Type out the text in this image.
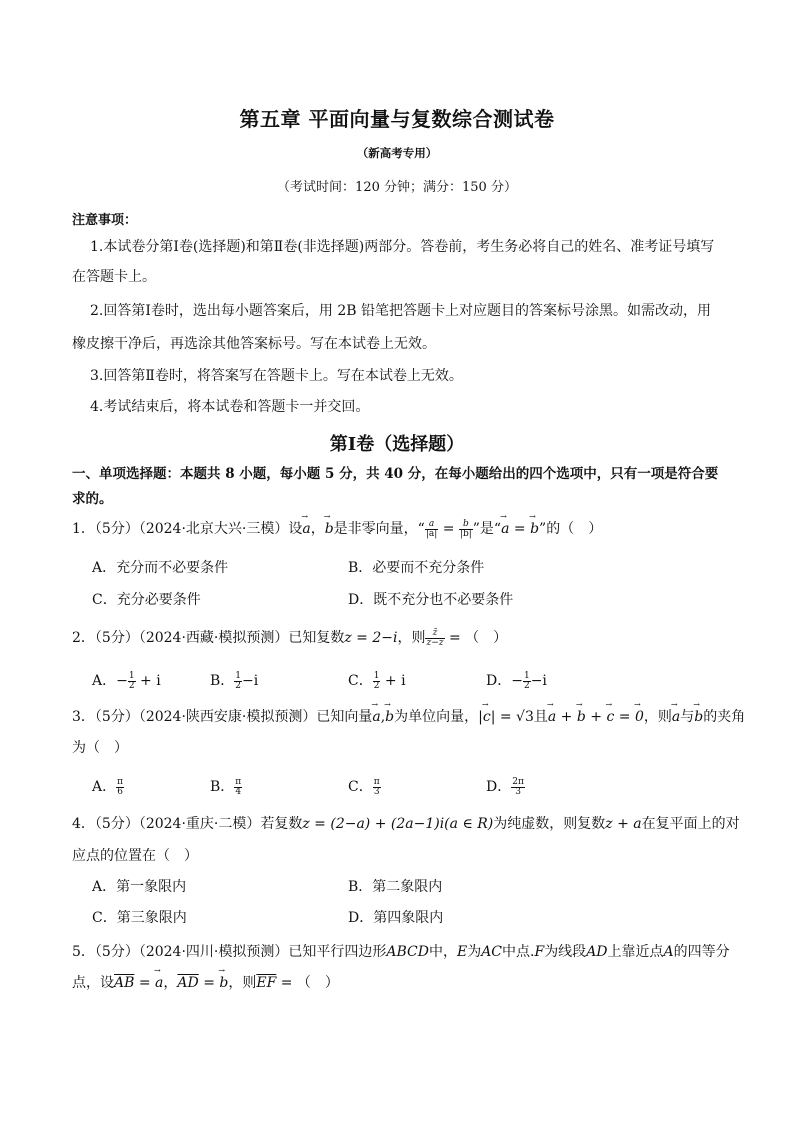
第五章 平面向量与复数综合测试卷
（新高考专用）
（考试时间：120 分钟；满分：150 分）
注意事项：
1.本试卷分第Ⅰ卷(选择题)和第Ⅱ卷(非选择题)两部分。答卷前，考生务必将自己的姓名、准考证号填写
在答题卡上。
2.回答第Ⅰ卷时，选出每小题答案后，用 2B 铅笔把答题卡上对应题目的答案标号涂黑。如需改动，用
橡皮擦干净后，再选涂其他答案标号。写在本试卷上无效。
3.回答第Ⅱ卷时，将答案写在答题卡上。写在本试卷上无效。
4.考试结束后，将本试卷和答题卡一并交回。
第Ⅰ卷（选择题）
一、单项选择题：本题共 8 小题，每小题 5 分，共 40 分，在每小题给出的四个选项中，只有一项是符合要
求的。
1．（5分）（2024·北京大兴·三模）设→ a，→ b是非零向量，“ $\frac{a}{|a|} = \frac{b}{|b|}$ ”是“→ a = → b”的（　）
A．充分而不必要条件	B．必要而不充分条件
C．充分必要条件	D．既不充分也不必要条件
2．（5分）（2024·西藏·模拟预测）已知复数z = 2−i，则 $\frac{z̄}{z-z̄}$ = （　）
A．− $\frac{1}{2} + i$	B． $\frac{1}{2} -i$	C． $\frac{1}{2} + i$	D．− $\frac{1}{2} -i$
3．（5分）（2024·陕西安康·模拟预测）已知向量→ a,→ b为单位向量，|→ c| = √3且→ a + → b + → c = → 0，则→ a与→ b的夹角
为（　）
A． $\frac{\pi}{6}$	B． $\frac{\pi}{4}$	C． $\frac{\pi}{3}$	D． $\frac{2\pi}{3}$
4．（5分）（2024·重庆·二模）若复数z = (2−a) + (2a−1)i(a ∈ R)为纯虚数，则复数z + a在复平面上的对
应点的位置在（　）
A．第一象限内	B．第二象限内
C．第三象限内	D．第四象限内
5．（5分）（2024·四川·模拟预测）已知平行四边形ABCD中，E为AC中点.F为线段AD上靠近点A的四等分
点，设$\overline{AB}$ = → a，$\overline{AD}$ = → b，则$\overline{EF}$ = （　）
